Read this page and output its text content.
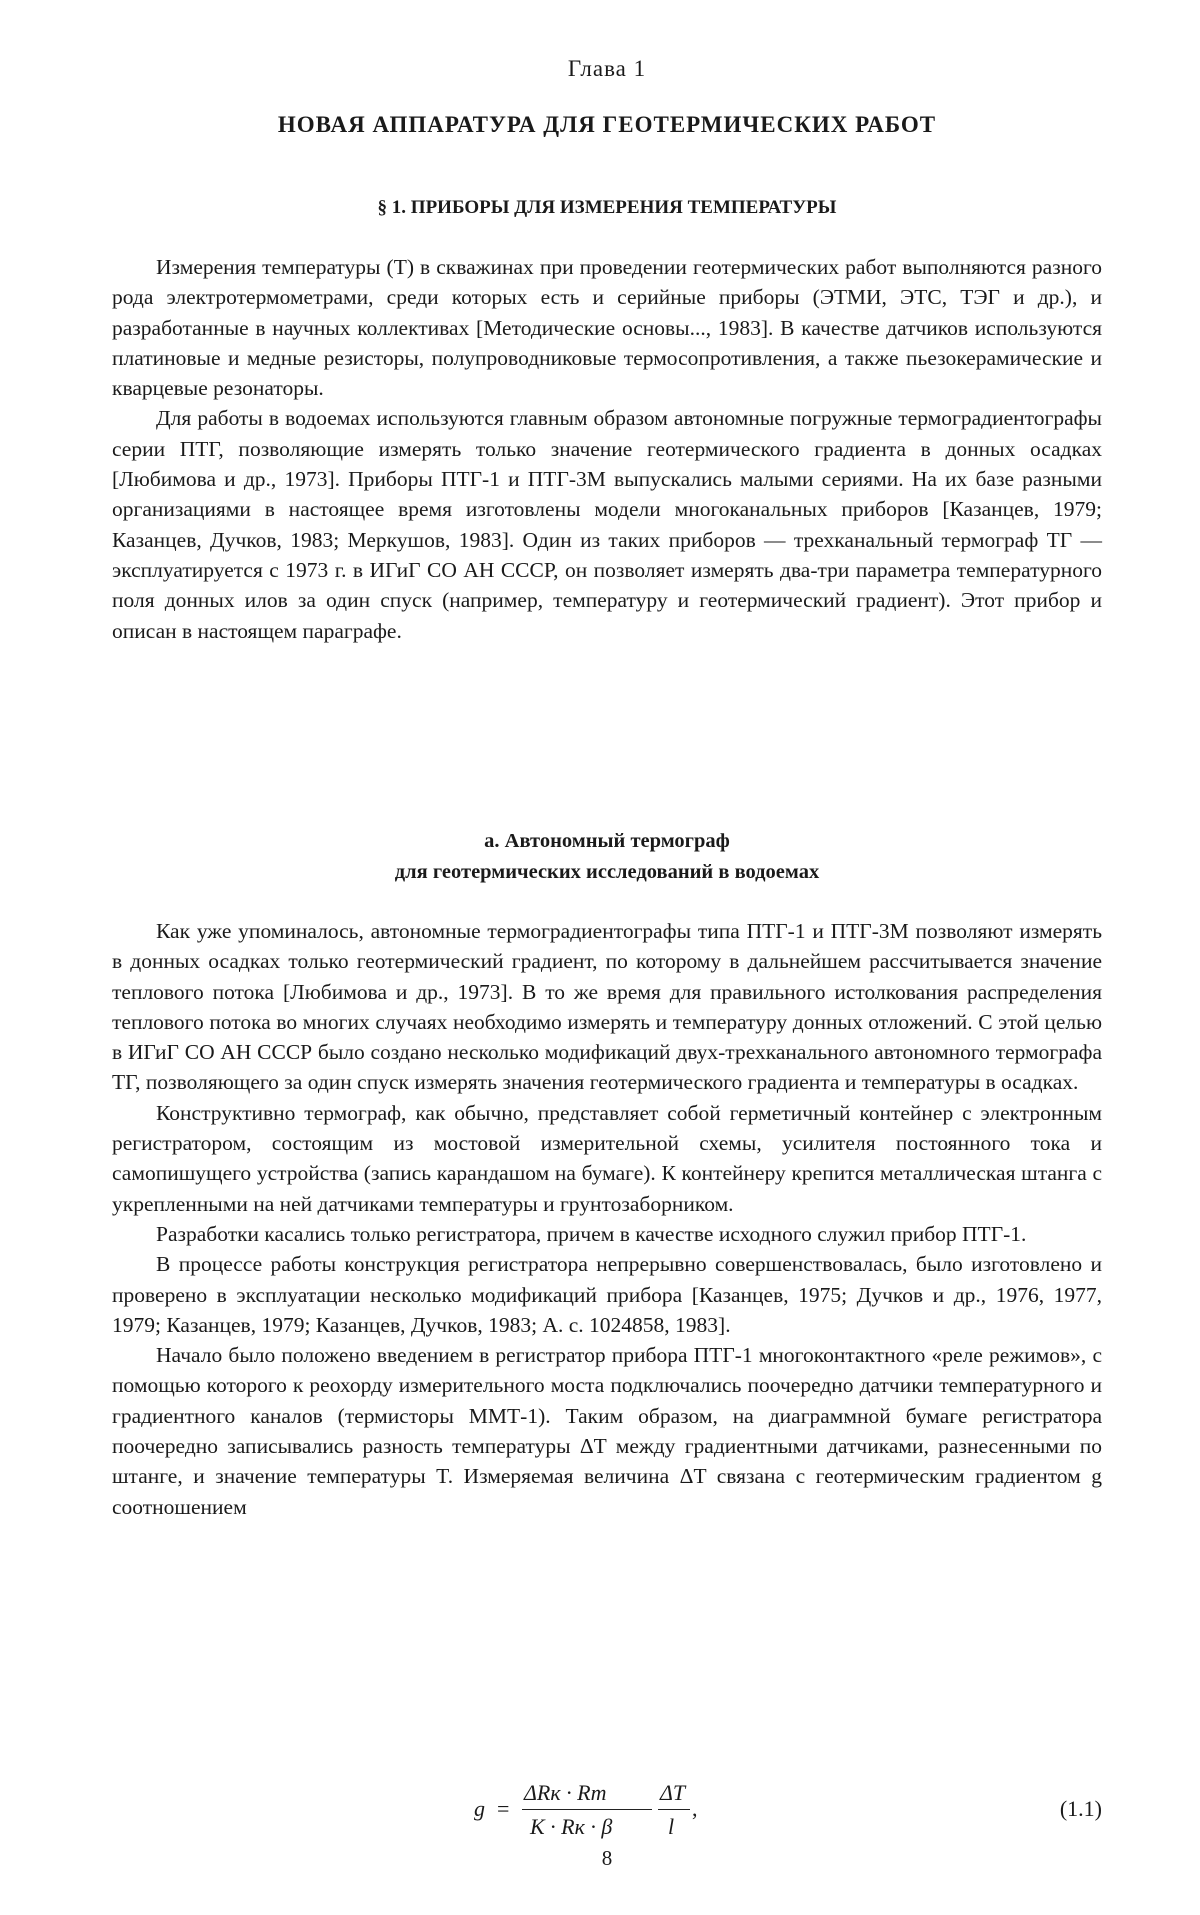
Глава 1
НОВАЯ АППАРАТУРА ДЛЯ ГЕОТЕРМИЧЕСКИХ РАБОТ
§ 1. ПРИБОРЫ ДЛЯ ИЗМЕРЕНИЯ ТЕМПЕРАТУРЫ

Измерения температуры (T) в скважинах при проведении геотерми­ческих работ выполняются разного рода электротермометрами, среди ко­торых есть и серийные приборы (ЭТМИ, ЭТС, ТЭГ и др.), и разработан­ные в научных коллективах [Методические основы..., 1983]. В качестве датчиков используются платиновые и медные резисторы, полупроводни­ковые термосопротивления, а также пьезокерамические и кварцевые резо­наторы.

Для работы в водоемах используются главным образом автономные погружные термоградиентографы серии ПТГ, позволяющие измерять только значение геотермического градиента в донных осадках [Любимова и др., 1973]. Приборы ПТГ-1 и ПТГ-3М выпускались малыми сериями. На их базе разными организациями в настоящее время изготовлены моде­ли многоканальных приборов [Казанцев, 1979; Казанцев, Дучков, 1983; Меркушов, 1983]. Один из таких приборов — трехканальный термограф ТГ — эксплуатируется с 1973 г. в ИГиГ СО АН СССР, он позволяет из­мерять два-три параметра температурного поля донных илов за один спуск (например, температуру и геотермический градиент). Этот прибор и описан в настоящем параграфе.

а. Автономный термограф
для геотермических исследований в водоемах

Как уже упоминалось, автономные термоградиентографы типа ПТГ-1 и ПТГ-3М позволяют измерять в донных осадках только геотермический градиент, по которому в дальнейшем рассчитывается значение теплового потока [Любимова и др., 1973]. В то же время для правильного истолко­вания распределения теплового потока во многих случаях необходимо измерять и температуру донных отложений. С этой целью в ИГиГ СО АН СССР было создано несколько модификаций двух-трехканального авто­номного термографа ТГ, позволяющего за один спуск измерять значения геотермического градиента и температуры в осадках.

Конструктивно термограф, как обычно, представляет собой герме­тичный контейнер с электронным регистратором, состоящим из мостовой измерительной схемы, усилителя постоянного тока и самопишущего уст­ройства (запись карандашом на бумаге). К контейнеру крепится метал­лическая штанга с укрепленными на ней датчиками температуры и грунто­заборником.

Разработки касались только регистратора, причем в качестве исход­ного служил прибор ПТГ-1.

В процессе работы конструкция регистратора непрерывно совершен­ствовалась, было изготовлено и проверено в эксплуатации несколько модификаций прибора [Казанцев, 1975; Дучков и др., 1976, 1977, 1979; Казанцев, 1979; Казанцев, Дучков, 1983; А. с. 1024858, 1983].

Начало было положено введением в регистратор прибора ПТГ-1 многоконтактного «реле режимов», с помощью которого к реохорду из­мерительного моста подключались поочередно датчики температурного и градиентного каналов (термисторы ММТ-1). Таким образом, на диаграмм­ной бумаге регистратора поочередно записывались разность температу­ры ΔT между градиентными датчиками, разнесенными по штанге, и зна­чение температуры T. Измеряемая величина ΔT связана с геотермическим градиентом g соотношением

g =
ΔRк · Rт
K · Rк · β
ΔT
l
,	(1.1)
8
